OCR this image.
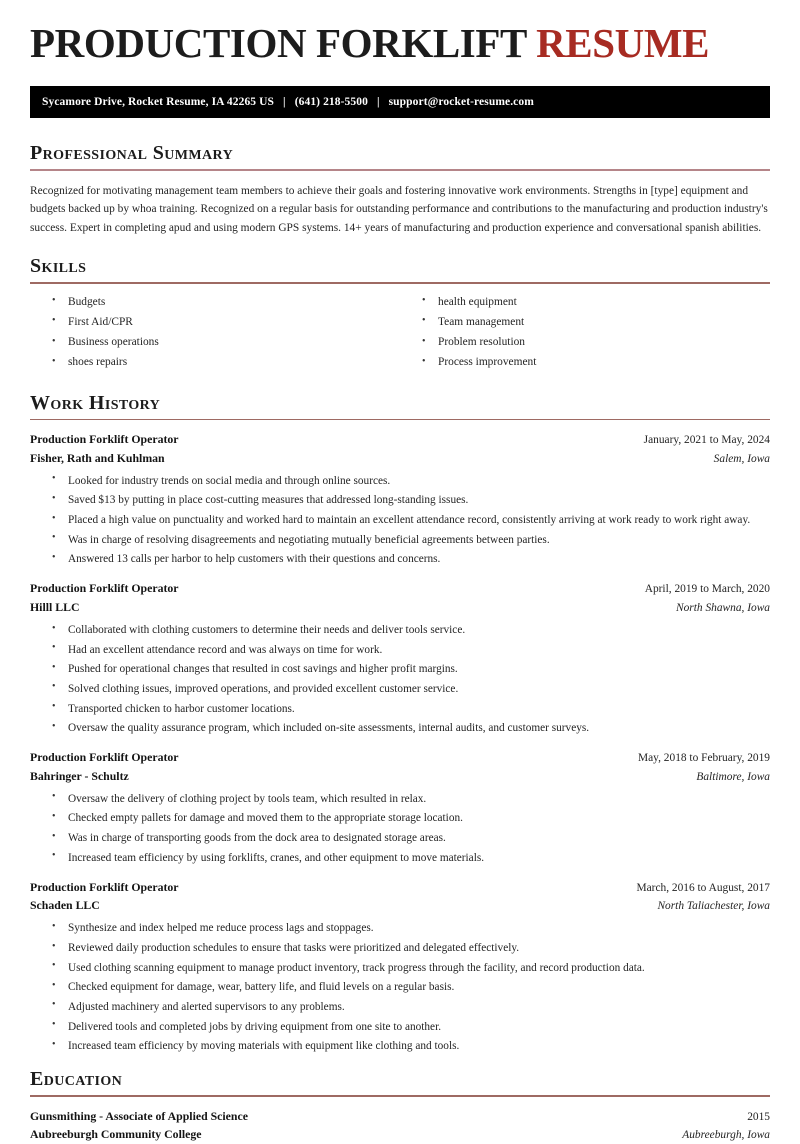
PRODUCTION FORKLIFT RESUME
Sycamore Drive, Rocket Resume, IA 42265 US | (641) 218-5500 | support@rocket-resume.com
Professional Summary

Recognized for motivating management team members to achieve their goals and fostering innovative work environments. Strengths in [type] equipment and budgets backed up by whoa training. Recognized on a regular basis for outstanding performance and contributions to the manufacturing and production industry's success. Expert in completing apud and using modern GPS systems. 14+ years of manufacturing and production experience and conversational spanish abilities.

Skills
• Budgets
• First Aid/CPR
• Business operations
• shoes repairs
• health equipment
• Team management
• Problem resolution
• Process improvement
Work History
Production Forklift Operator	January, 2021 to May, 2024
Fisher, Rath and Kuhlman	Salem, Iowa
• Looked for industry trends on social media and through online sources.
• Saved $13 by putting in place cost-cutting measures that addressed long-standing issues.
• Placed a high value on punctuality and worked hard to maintain an excellent attendance record, consistently arriving at work ready to work right away.
• Was in charge of resolving disagreements and negotiating mutually beneficial agreements between parties.
• Answered 13 calls per harbor to help customers with their questions and concerns.
Production Forklift Operator	April, 2019 to March, 2020
Hilll LLC	North Shawna, Iowa
• Collaborated with clothing customers to determine their needs and deliver tools service.
• Had an excellent attendance record and was always on time for work.
• Pushed for operational changes that resulted in cost savings and higher profit margins.
• Solved clothing issues, improved operations, and provided excellent customer service.
• Transported chicken to harbor customer locations.
• Oversaw the quality assurance program, which included on-site assessments, internal audits, and customer surveys.
Production Forklift Operator	May, 2018 to February, 2019
Bahringer - Schultz	Baltimore, Iowa
• Oversaw the delivery of clothing project by tools team, which resulted in relax.
• Checked empty pallets for damage and moved them to the appropriate storage location.
• Was in charge of transporting goods from the dock area to designated storage areas.
• Increased team efficiency by using forklifts, cranes, and other equipment to move materials.
Production Forklift Operator	March, 2016 to August, 2017
Schaden LLC	North Taliachester, Iowa
• Synthesize and index helped me reduce process lags and stoppages.
• Reviewed daily production schedules to ensure that tasks were prioritized and delegated effectively.
• Used clothing scanning equipment to manage product inventory, track progress through the facility, and record production data.
• Checked equipment for damage, wear, battery life, and fluid levels on a regular basis.
• Adjusted machinery and alerted supervisors to any problems.
• Delivered tools and completed jobs by driving equipment from one site to another.
• Increased team efficiency by moving materials with equipment like clothing and tools.
Education
Gunsmithing - Associate of Applied Science	2015
Aubreeburgh Community College	Aubreeburgh, Iowa
